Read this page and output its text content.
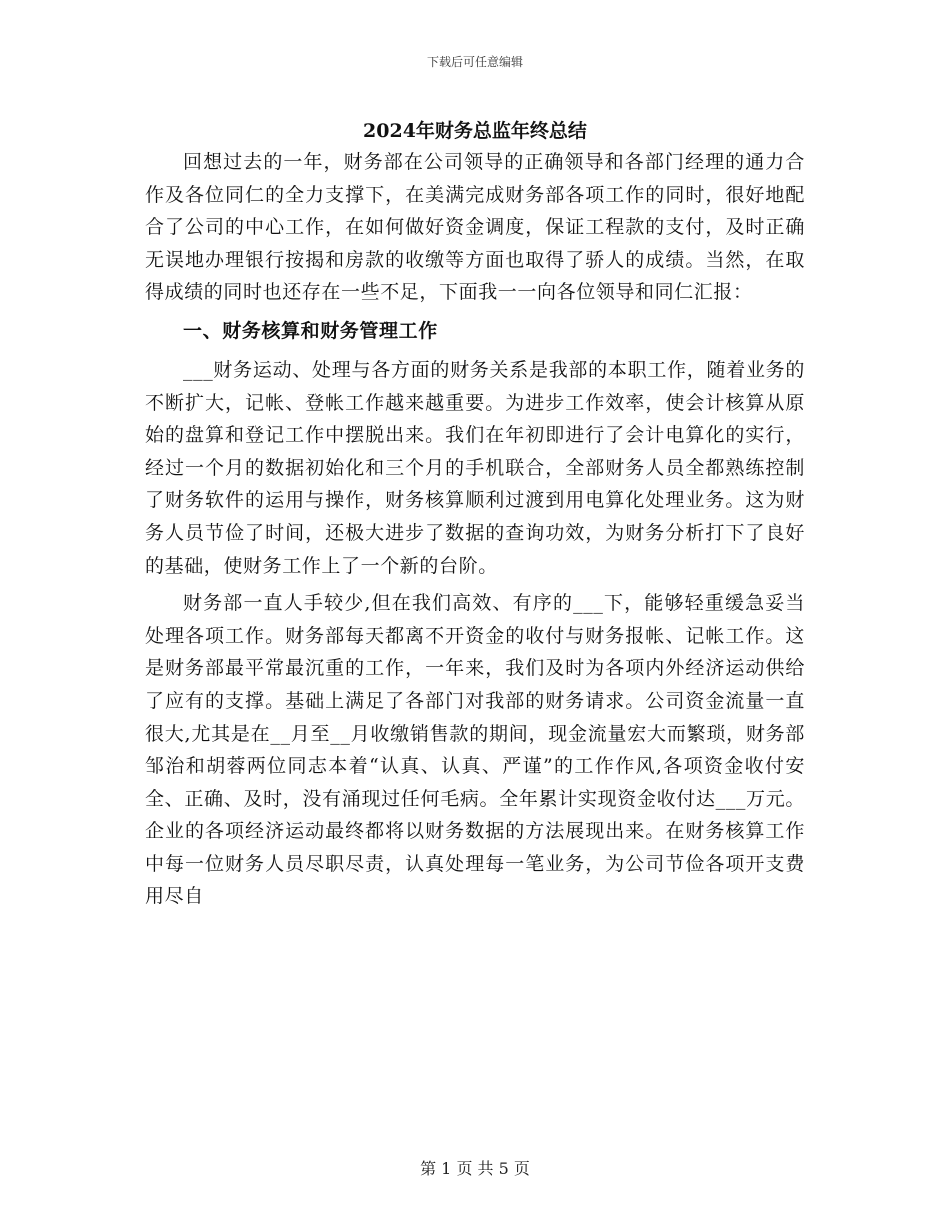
下载后可任意编辑
2024年财务总监年终总结

回想过去的一年，财务部在公司领导的正确领导和各部门经理的通力合作及各位同仁的全力支撑下，在美满完成财务部各项工作的同时，很好地配合了公司的中心工作，在如何做好资金调度，保证工程款的支付，及时正确无误地办理银行按揭和房款的收缴等方面也取得了骄人的成绩。当然，在取得成绩的同时也还存在一些不足，下面我一一向各位领导和同仁汇报：

一、财务核算和财务管理工作

___财务运动、处理与各方面的财务关系是我部的本职工作，随着业务的不断扩大，记帐、登帐工作越来越重要。为进步工作效率，使会计核算从原始的盘算和登记工作中摆脱出来。我们在年初即进行了会计电算化的实行，经过一个月的数据初始化和三个月的手机联合，全部财务人员全都熟练控制了财务软件的运用与操作，财务核算顺利过渡到用电算化处理业务。这为财务人员节俭了时间，还极大进步了数据的查询功效，为财务分析打下了良好的基础，使财务工作上了一个新的台阶。

财务部一直人手较少,但在我们高效、有序的___下，能够轻重缓急妥当处理各项工作。财务部每天都离不开资金的收付与财务报帐、记帐工作。这是财务部最平常最沉重的工作，一年来，我们及时为各项内外经济运动供给了应有的支撑。基础上满足了各部门对我部的财务请求。公司资金流量一直很大,尤其是在__月至__月收缴销售款的期间，现金流量宏大而繁琐，财务部邹治和胡蓉两位同志本着“认真、认真、严谨”的工作作风,各项资金收付安全、正确、及时，没有涌现过任何毛病。全年累计实现资金收付达___万元。企业的各项经济运动最终都将以财务数据的方法展现出来。在财务核算工作中每一位财务人员尽职尽责，认真处理每一笔业务，为公司节俭各项开支费用尽自

第 1 页 共 5 页
